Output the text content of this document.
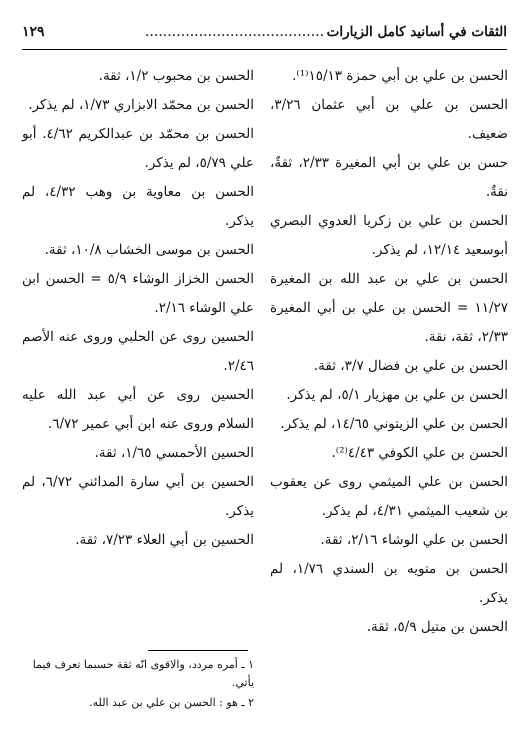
الثقات في أسانيد كامل الزيارات
........................................
١٢٩

الحسن بن علي بن أبي حمزة ١٥/١٣⁽¹⁾.

الحسن بن علي بن أبي عثمان ٣/٢٦، ضعيف.

حسن بن علي بن أبي المغيرة ٢/٣٣، ثقةٌ، نقةٌ.

الحسن بن علي بن زكريا العدوي البصري أبوسعيد ١٢/١٤، لم يذكر.

الحسن بن علي بن عبد الله بن المغيرة ١١/٢٧ = الحسن بن علي بن أبي المغيرة ٢/٣٣، ثقة، نقة.

الحسن بن علي بن فضال ٣/٧، ثقة.

الحسن بن علي بن مهزيار ٥/١، لم يذكر.

الحسن بن علي الزيتوني ١٤/٦٥، لم يذكر.

الحسن بن علي الكوفي ٤/٤٣⁽²⁾.

الحسن بن علي الميثمي روى عن يعقوب بن شعيب الميثمي ٤/٣١، لم يذكر.

الحسن بن علي الوشاء ٢/١٦، ثقة.

الحسن بن متويه بن السندي ١/٧٦، لم يذكر.

الحسن بن متيل ٥/٩، ثقة.

الحسن بن محبوب ١/٢، ثقة.

الحسن بن محمّد الابزاري ١/٧٣، لم يذكر.

الحسن بن محمّد بن عبدالكريم ٤/٦٢. أبو علي ٥/٧٩، لم يذكر.

الحسن بن معاوية بن وهب ٤/٣٢، لم يذكر.

الحسن بن موسى الخشاب ١٠/٨، ثقة.

الحسن الخزاز الوشاء ٥/٩ = الحسن ابن علي الوشاء ٢/١٦.

الحسين روى عن الحلبي وروى عنه الأصم ٢/٤٦.

الحسين روى عن أبي عبد الله عليه السلام وروى عنه ابن أبي عمير ٦/٧٢.

الحسين الأحمسي ١/٦٥، ثقة.

الحسين بن أبي سارة المدائني ٦/٧٢، لم يذكر.

الحسين بن أبي العلاء ٧/٢٣، ثقة.

١ ـ أمره مردد، والاقوى انّه ثقة حسبما تعرف فيما يأتي.

٢ ـ هو : الحسن بن علي بن عبد الله.
